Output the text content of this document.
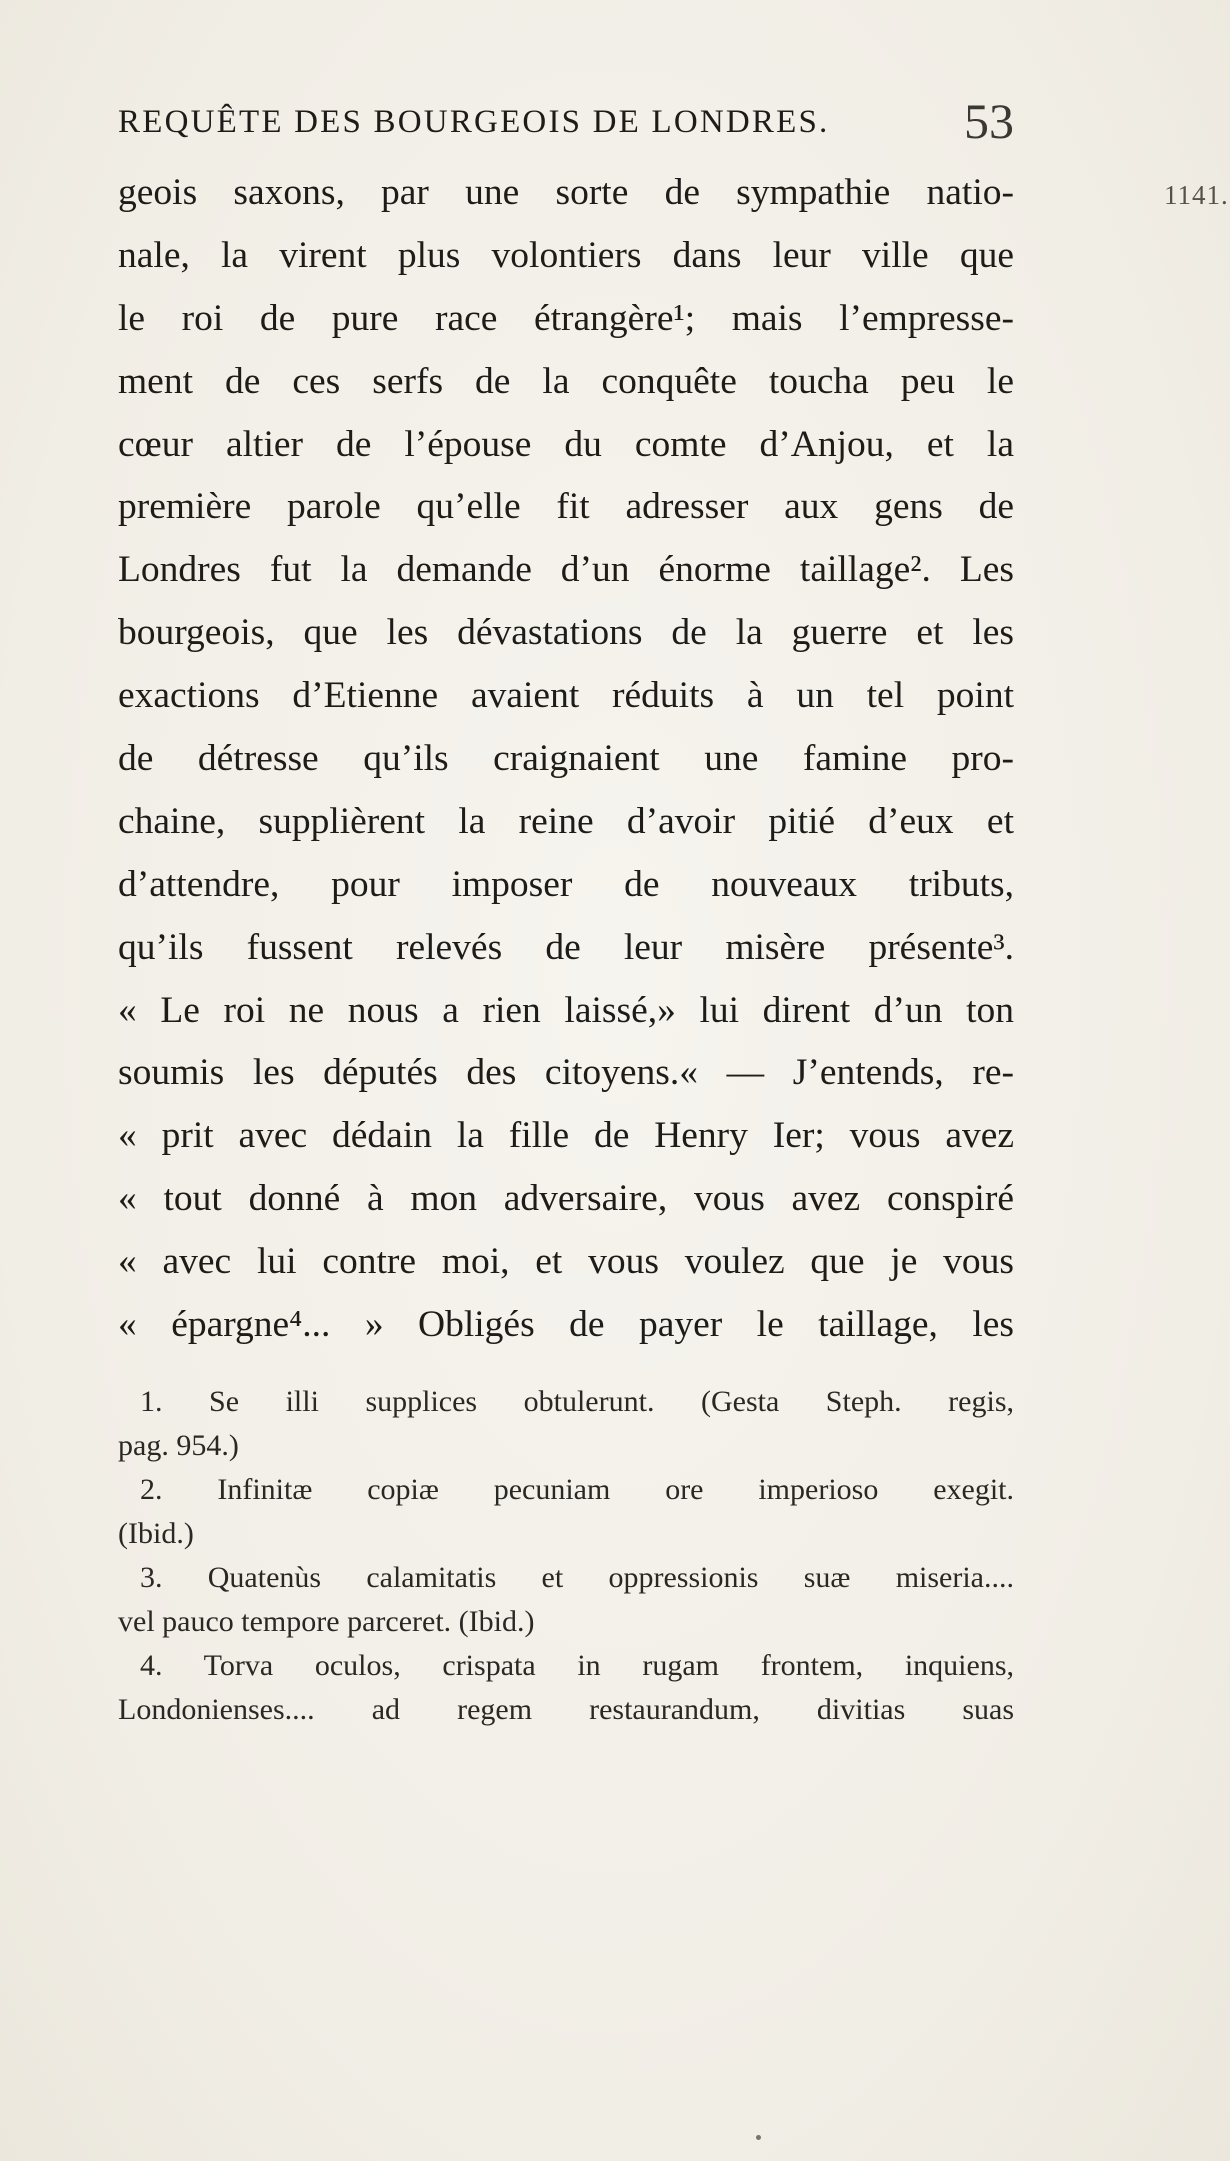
REQUÊTE DES BOURGEOIS DE LONDRES.	53
1141.
geois saxons, par une sorte de sympathie natio-
nale, la virent plus volontiers dans leur ville que
le roi de pure race étrangère¹; mais l’empresse-
ment de ces serfs de la conquête toucha peu le
cœur altier de l’épouse du comte d’Anjou, et la
première parole qu’elle fit adresser aux gens de
Londres fut la demande d’un énorme taillage². Les
bourgeois, que les dévastations de la guerre et les
exactions d’Etienne avaient réduits à un tel point
de détresse qu’ils craignaient une famine pro-
chaine, supplièrent la reine d’avoir pitié d’eux et
d’attendre, pour imposer de nouveaux tributs,
qu’ils fussent relevés de leur misère présente³.
« Le roi ne nous a rien laissé,» lui dirent d’un ton
soumis les députés des citoyens.« — J’entends, re-
« prit avec dédain la fille de Henry Ier; vous avez
« tout donné à mon adversaire, vous avez conspiré
« avec lui contre moi, et vous voulez que je vous
« épargne⁴... » Obligés de payer le taillage, les
1. Se illi supplices obtulerunt. (Gesta Steph. regis,
pag. 954.)
2. Infinitæ copiæ pecuniam ore imperioso exegit.
(Ibid.)
3. Quatenùs calamitatis et oppressionis suæ miseria....
vel pauco tempore parceret. (Ibid.)
4. Torva oculos, crispata in rugam frontem, inquiens,
Londonienses.... ad regem restaurandum, divitias suas
